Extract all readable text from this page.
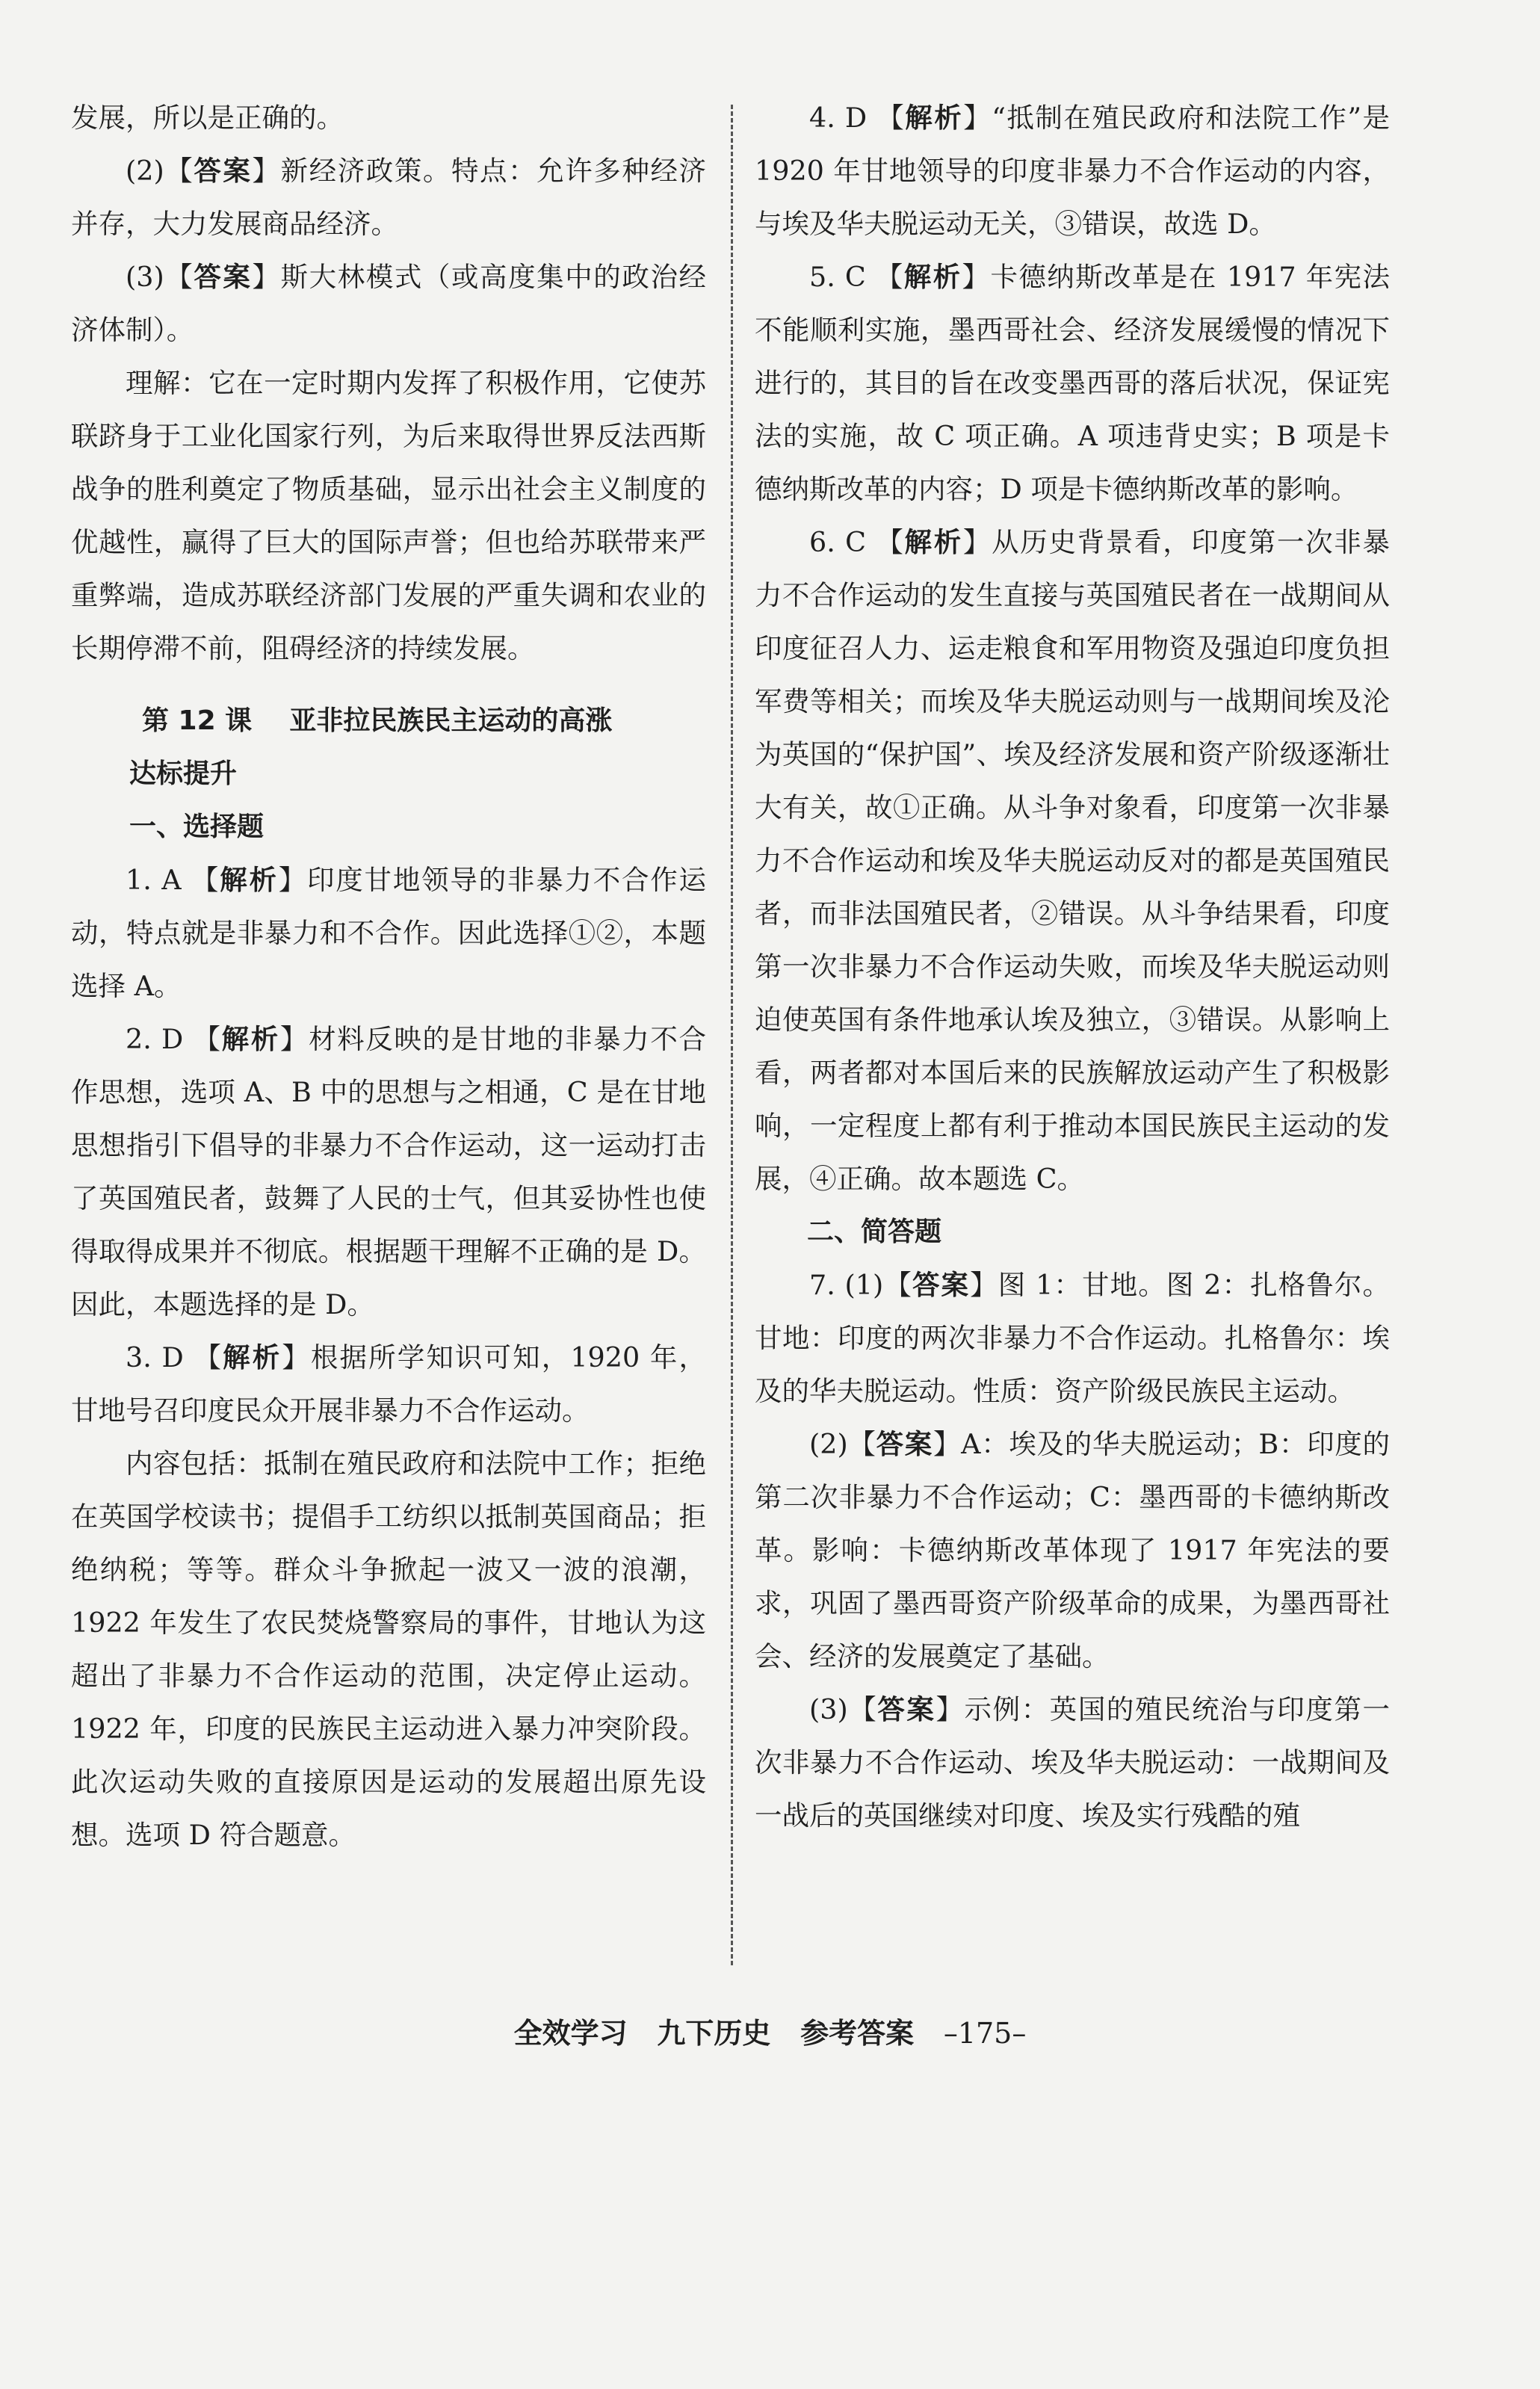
发展，所以是正确的。

(2)【答案】新经济政策。特点：允许多种经济并存，大力发展商品经济。

(3)【答案】斯大林模式（或高度集中的政治经济体制）。

理解：它在一定时期内发挥了积极作用，它使苏联跻身于工业化国家行列，为后来取得世界反法西斯战争的胜利奠定了物质基础，显示出社会主义制度的优越性，赢得了巨大的国际声誉；但也给苏联带来严重弊端，造成苏联经济部门发展的严重失调和农业的长期停滞不前，阻碍经济的持续发展。

第 12 课 亚非拉民族民主运动的高涨
达标提升
一、选择题

1. A 【解析】印度甘地领导的非暴力不合作运动，特点就是非暴力和不合作。因此选择①②，本题选择 A。

2. D 【解析】材料反映的是甘地的非暴力不合作思想，选项 A、B 中的思想与之相通，C 是在甘地思想指引下倡导的非暴力不合作运动，这一运动打击了英国殖民者，鼓舞了人民的士气，但其妥协性也使得取得成果并不彻底。根据题干理解不正确的是 D。因此，本题选择的是 D。

3. D 【解析】根据所学知识可知，1920 年，甘地号召印度民众开展非暴力不合作运动。

内容包括：抵制在殖民政府和法院中工作；拒绝在英国学校读书；提倡手工纺织以抵制英国商品；拒绝纳税；等等。群众斗争掀起一波又一波的浪潮，1922 年发生了农民焚烧警察局的事件，甘地认为这超出了非暴力不合作运动的范围，决定停止运动。1922 年，印度的民族民主运动进入暴力冲突阶段。此次运动失败的直接原因是运动的发展超出原先设想。选项 D 符合题意。

4. D 【解析】“抵制在殖民政府和法院工作”是 1920 年甘地领导的印度非暴力不合作运动的内容，与埃及华夫脱运动无关，③错误，故选 D。

5. C 【解析】卡德纳斯改革是在 1917 年宪法不能顺利实施，墨西哥社会、经济发展缓慢的情况下进行的，其目的旨在改变墨西哥的落后状况，保证宪法的实施，故 C 项正确。A 项违背史实；B 项是卡德纳斯改革的内容；D 项是卡德纳斯改革的影响。

6. C 【解析】从历史背景看，印度第一次非暴力不合作运动的发生直接与英国殖民者在一战期间从印度征召人力、运走粮食和军用物资及强迫印度负担军费等相关；而埃及华夫脱运动则与一战期间埃及沦为英国的“保护国”、埃及经济发展和资产阶级逐渐壮大有关，故①正确。从斗争对象看，印度第一次非暴力不合作运动和埃及华夫脱运动反对的都是英国殖民者，而非法国殖民者，②错误。从斗争结果看，印度第一次非暴力不合作运动失败，而埃及华夫脱运动则迫使英国有条件地承认埃及独立，③错误。从影响上看，两者都对本国后来的民族解放运动产生了积极影响，一定程度上都有利于推动本国民族民主运动的发展，④正确。故本题选 C。

二、简答题

7. (1)【答案】图 1：甘地。图 2：扎格鲁尔。甘地：印度的两次非暴力不合作运动。扎格鲁尔：埃及的华夫脱运动。性质：资产阶级民族民主运动。

(2)【答案】A：埃及的华夫脱运动；B：印度的第二次非暴力不合作运动；C：墨西哥的卡德纳斯改革。影响：卡德纳斯改革体现了 1917 年宪法的要求，巩固了墨西哥资产阶级革命的成果，为墨西哥社会、经济的发展奠定了基础。

(3)【答案】示例：英国的殖民统治与印度第一次非暴力不合作运动、埃及华夫脱运动：一战期间及一战后的英国继续对印度、埃及实行残酷的殖

全效学习 九下历史 参考答案 –175–
